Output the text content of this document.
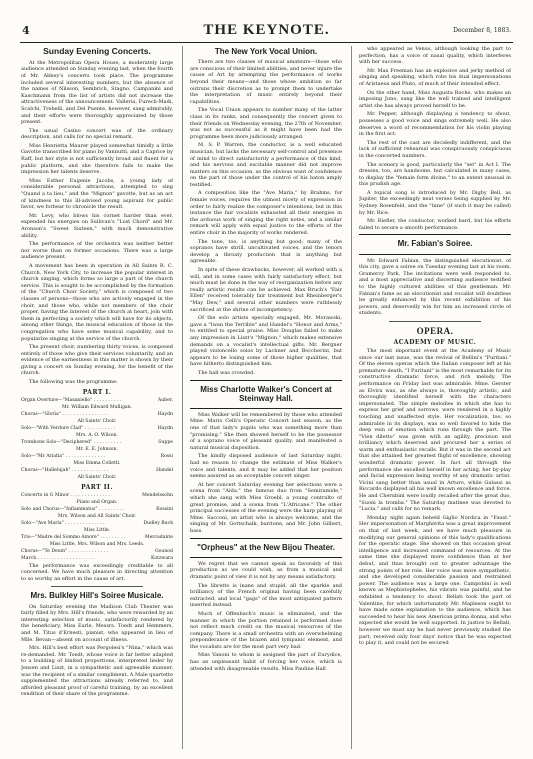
4	THE KEYNOTE.	December 8, 1883.
Sunday Evening Concerts.

At the Metropolitan Opera House, a moderately large audience attended on Sunday evening last, when the fourth of Mr. Abbey's concerts took place. The programme included several interesting numbers, but the absence of the names of Nilsson, Sembrich, Stagno, Campanini and Kaschmann from the list of artists did not increase the attractiveness of the announcement. Valleria, Furech-Madi, Scalchi, Trebelli, and Del Puente, however, sang admirably, and their efforts were thoroughly appreciated by those present.

The usual Casino concert was of the ordinary description, and calls for no special remark.

Miss Henrietta Maurer played somewhat timidly a little Gavotte transcribed for piano by Vannutti, and a Caprice by Raff, but her style is not sufficiently broad and fluent for a public platform, and she therefore fails to make the impression her talents deserve.

Miss Esther Eugenie Jacobs, a young lady of considerable personal attractions, attempted to sing "Quand a ta lieu," and the "Mignon" gavotte, but as an act of kindness to this ill-advised young aspirant for public favor, we forbear to chronicle the result.

Mr. Levy, who blows his cornet harder than ever, expended his energies on Sullivan's "Lost Chord" and Mr. Aronson's "Sweet Sixteen," with much demonstrative ability.

The performance of the orchestra was neither better nor worse than on former occasions. There was a large audience present.

A movement has been in operation in All Saints R. C. Church, New York City, to increase the popular interest in church singing, which forms so large a part of the church service. This is sought to be accomplished by the formation of the "Church Choir Society," which is composed of two classes of persons—those who are actively engaged in the choir, and those who, while not members of the choir proper, having the interest of the church at heart, join with them in perfecting a society which will have for its objects, among other things, the musical education of those in the congregation who have some musical capability, and to popularize singing at the service of the church.

The present choir, numbering thirty voices, is composed entirely of those who give their services voluntarily, and an evidence of the earnestness in this matter is shown by their giving a concert on Sunday evening, for the benefit of the church.

The following was the programme:

PART I.
Organ Overture—"Masaniello" . . . . . . . . . .	Auber.
Mr. William Edward Mulligan.
Chorus—"Gloria" . . . . . . . . . . . . . . . .	Haydn
All Saints' Choir.
Solo—"With Verdure Clad" . . . . . . . . . . .	Haydn
Mrs. A. O. Wilson.
Trombone Solo—"Deciphered" . . . . . . . . . .	Suppe
Mr. E. E. Johnson.
Solo—"Mr Ariatia" . . . . . . . . . . . . . .	Rossi
Miss Emma Colletti.
Chorus—"Hallelujah" . . . . . . . . . . . . .	Handel
All Saints' Choir.
PART II.
Concerto in G Minor . . . . . . . . . . . . . .	Mendelssohn
Piano and Organ.
Solo and Chorus—"Inflammatus" . . . . . . . . .	Rossini
Mrs. Wilson and All Saints' Choir.
Solo—"Ave Maria" . . . . . . . . . . . . . .	Dudley Buck
Miss Little.
Trio—"Madre del Sommo Amore" . . . . . . . . .	Mercadante
Miss Little, Mrs. Wilson and Mrs. Leeds.
Chorus—"Te Deum" . . . . . . . . . . . . . .	Gounod
March . . . . . . . . . . . . . . . . . . . .	Kotzwara

The performance was exceedingly creditable to all concerned. We have much pleasure in directing attention to so worthy an effort in the cause of art.

Mrs. Bulkley Hill's Soiree Musicale.

On Saturday evening the Madison Club Theater was fairly filled by Mrs. Hill's friends, who were rewarded by an interesting selection of music, satisfactorily rendered by the beneficiary, Miss Earle, Messrs. Toedt and Hemmers, and M. Titus d'Ernesti, pianist, who appeared in lieu of Mlle. Bevan—absent on account of illness.

Mrs. Hill's best effort was Pergolesi's "Nina," which was re-demanded. Mr. Toedt, whose voice is far better adapted to a building of limited proportions, interpreted lieder by Jensen and Liszt, in a sympathetic and agreeable manner, was the recipient of a similar compliment. A Male quartette supplemented the attractions already referred to, and afforded pleasant proof of careful training, by an excellent rendition of their share of the programme.

The New York Vocal Union.

There are two classes of musical amateurs—those who are conscious of their limited abilities, and never injure the cause of Art by attempting the performance of works beyond their means—and those whose ambition so far outruns their discretion as to prompt them to undertake the interpretation of music entirely beyond their capabilities.

The Vocal Union appears to number many of the latter class in its ranks, and consequently the concert given to their friends on Wednesday evening, the 27th of November, was not as successful as it might have been had the programme been more judiciously arranged.

M. S. P. Warren, the conductor, is a well educated musician, but lacks the necessary self-control and presence of mind to direct satisfactorily a performance of this kind, and his nervous and excitable manner did not improve matters on this occasion, as the obvious want of confidence on the part of those under the control of his baton amply testified.

A composition like the "Ave Maria," by Brahms, for female voices, requires the utmost nicety of expression in order to fairly realize the composer's intentions; but in this instance the fair vocalists exhausted all their energies in the arduous work of singing the right notes, and a similar remark will apply with equal justice to the efforts of the entire choir in the majority of works rendered.

The tone, too, is anything but good; many of the sopranos have shrill, uncultivated voices, and the tenors develop a throaty production that is anything but agreeable.

In spite of these drawbacks, however, all worked with a will, and in some cases with fairly satisfactory effect, but much must be done in the way of reorganization before any really artistic results can be achieved. Max Bruch's "Fair Ellen" received tolerably fair treatment but Rheinberger's "May Dew," and several other numbers were ruthlessly sacrificed at the shrine of incompetency.

Of the solo artists specially engaged, Mr. Morawski, gave a "Iwan the Terrible" and Handel's "Honor and Arms," to entitled to special praise. Miss Douglas failed to make any impression in Liszt's "Mignon," which makes extensive demands on a vocalist's intellectual gifts. Mr. Bergner played violoncello solos by Lachner and Boccherini, but appears to be losing some of those higher qualities, that have hitherto distinguished him.

The hall was crowded.

Miss Charlotte Walker's Concert at Steinway Hall.

Miss Walker will be remembered by those who attended Mme. Mario Celli's Operatic Concert last season, as the one of that lady's pupils who was something more than "promising." She then showed herself to be the possessor of a soprano voice of pleasant quality, and manifested a natural musical disposition.

The kindly disposed audience of last Saturday night, had no reason to change the estimate of Miss Walker's voice and talents, and it may be added that her position seems assured as an acceptable concert singer.

At her concert Saturday evening her selections were a scena from "Aida," the famous duo from "Semiramide," which she sang with Miss Groebl, a young contralto of great promise, and a scena from "L'Africane." The other principal successes of the evening were the harp playing of Mme. Sacconi, an artist who is always welcome, and the singing of Mr. Gottschalk, baritone, and Mr. John Gilbert, bass.

"Orpheus" at the New Bijou Theater.

We regret that we cannot speak as favorably of this production as we could wish, as from a musical and dramatic point of view it is not by any means satisfactory.

The libretto is inane and stupid, all the sparkle and brilliancy of the French original having been carefully extracted, and local "gags" of the most antiquated pattern inserted instead.

Much of Offenbach's music is eliminated, and the manner in which the portion retained is performed does not reflect much credit on the musical resources of the company. There is a small orchestra with an overwhelming preponderance of the brazen and tympanic element, and the vocalists are for the most part very bad.

Miss Vanoni to whom is assigned the part of Eurydice, has an unpleasant habit of forcing her voice, which is attended with disagreeable results. Miss Pauline Hall

who appeared as Venus, although looking the part to perfection, has a voice of nasal quality, which interferes with her success.

Mr. Max Freeman has an explosive and jerky method of singing and speaking, which robs his dual impersonations of Aristaeus and Pluto, of much of their intended effect.

On the other hand, Miss Augusta Roche, who makes an imposing Juno, sang like the well trained and intelligent artist she has always proved herself to be.

Mr. Pepper, although displaying a tendency to shout, possesses a good voice and sings extremely well. He also deserves a word of recommendation for his violin playing in the first act.

The rest of the cast are decidedly indifferent, and the lack of sufficient rehearsal was conspicuously conspicuous in the concerted numbers.

The scenery is good, particularly the "set" in Act I. The dresses, too, are handsome, but calculated in many cases, to display the "female form divine," to an extent unusual in this prudish age.

A topical song is introduced by Mr. Digby Bell, as Jupiter, the exceedingly neat verses being supplied by Mr. Sydney Rosenfeld, and the "tune" (if such it may be called) by Mr. Rice.

Mr. Riefler, the conductor, worked hard, but his efforts failed to secure a smooth performance.

Mr. Fabian's Soiree.

Mr. Edward Fabian, the distinguished elocutionist, of this city, gave a soiree on Tuesday evening last at his room, Gramercy Park. The invitations were well responded to, and a most appreciative and discerning audience testified to the highly cultured abilities of this gentleman. Mr. Fabian's fame as an elocutionist and vocalist will doubtless be greatly enhanced by this recent exhibition of his powers, and deservedly win for him an increased circle of students.

OPERA.
ACADEMY OF MUSIC.

The most important event at the Academy of Music since our last issue, was the revival of Bellini's "Puritani." Of the eleven operas which the Italian composer left at his premature death, "I Puritani" is the most remarkable for its constructive dramatic force, and rich melody. The performance on Friday last was admirable. Mme. Gerster as Elvira was, as she always is, thoroughly artistic, and thoroughly identified herself with the characters impersonated. The simple melodies in which she has to express her grief and sorrows, were rendered in a highly touching and unaffected style. Her vocalization, too, so admirable in its displays, was so well favored to hide the deep vein of emotion which runs through the part. The "Vien diletto" was given with an agility, precision and brilliancy which deserved and procured her a series of warm and enthusiastic recalls. But it was in the second act that she attained her greatest flight of excellence, showing wonderful dramatic power. In fact all through the performance she excelled herself in her acting, her by-play and facial expression being worthy of any dramatic artist. Vicini sang better than usual in Arturo, while Galassi as Riccardo displayed all his well known excellence and force. He and Cherubini were loudly recalled after the great duo, "Suoni la tromba." The Saturday matinee was devoted to "Lucia," and calls for no remark.

Monday night again beheld Giglio Nordica in "Faust." Her impersonation of Marghérita was a great improvement on that of last week, and we have much pleasure in modifying our general opinions of this lady's qualifications for the operatic stage. She showed on this occasion great intelligence and increased command of resources. At the same time she displayed more confidence than at her debut, and thus brought out to greater advantage the strong points of her role. Her voice was more sympathetic, and she developed considerable passion and restrained power. The audience was a large one. Campobini is well known as Mephistopheles, his vibrato was painful, and he exhibited a tendency to shout. Bellati took the part of Valentine, for which unfortunately Mr. Mapleson ought to have made some explanation to the audience, which has succeeded to hear his new American prima donna, and who expected she would be well supported. In justice to Bellati, however we must say he had never previously studied the part, received only four days' notice that he was expected to play it, and could not be secured
